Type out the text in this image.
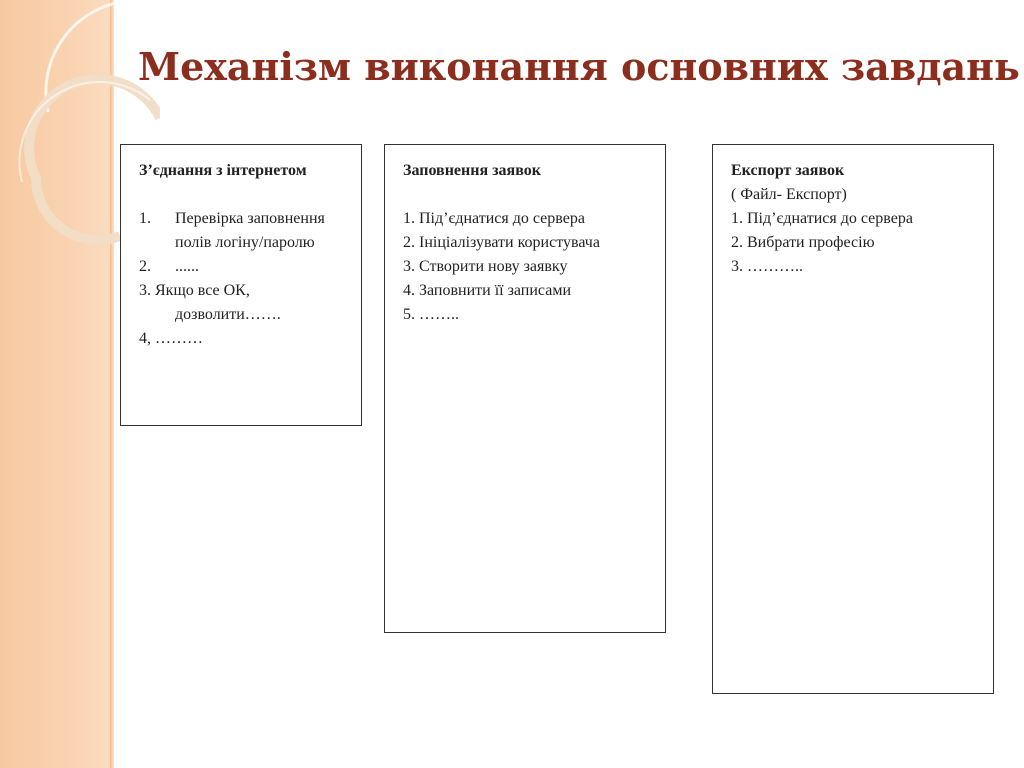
Механізм виконання основних завдань

З’єднання з інтернетом

1.	Перевірка заповнення полів логіну/паролю
2.	......
3. Якщо все ОК,
дозволити…….
4, ………

Заповнення заявок

1. Під’єднатися до сервера

2. Ініціалізувати користувача

3. Створити нову заявку

4. Заповнити її записами

5. ……..

Експорт заявок

( Файл- Експорт)

1. Під’єднатися до сервера

2. Вибрати професію

3. ………..
